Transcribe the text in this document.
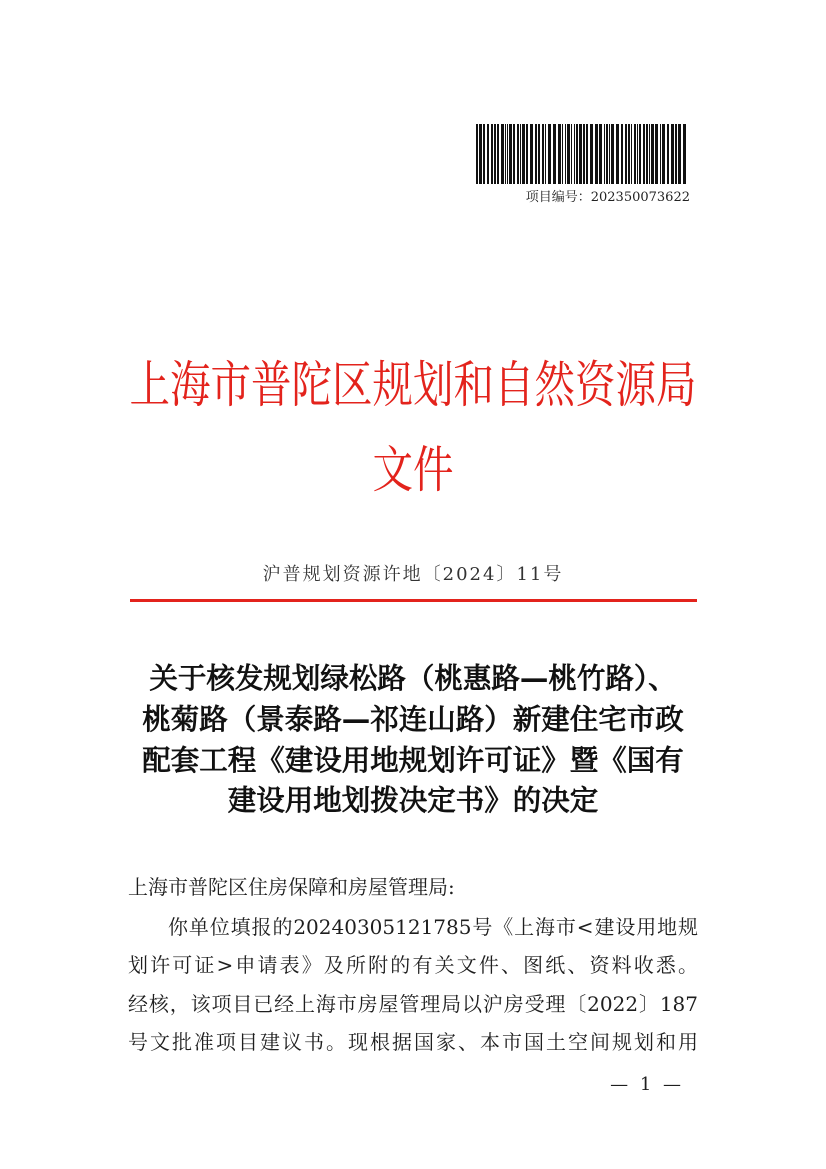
项目编号：202350073622
上海市普陀区规划和自然资源局
文件
沪普规划资源许地〔2024〕11号
关于核发规划绿松路（桃惠路—桃竹路）、
桃菊路（景泰路—祁连山路）新建住宅市政
配套工程《建设用地规划许可证》暨《国有
建设用地划拨决定书》的决定
上海市普陀区住房保障和房屋管理局:
你单位填报的20240305121785号《上海市<建设用地规
划许可证>申请表》及所附的有关文件、图纸、资料收悉。
经核，该项目已经上海市房屋管理局以沪房受理〔2022〕187
号文批准项目建议书。现根据国家、本市国土空间规划和用
— 1 —
